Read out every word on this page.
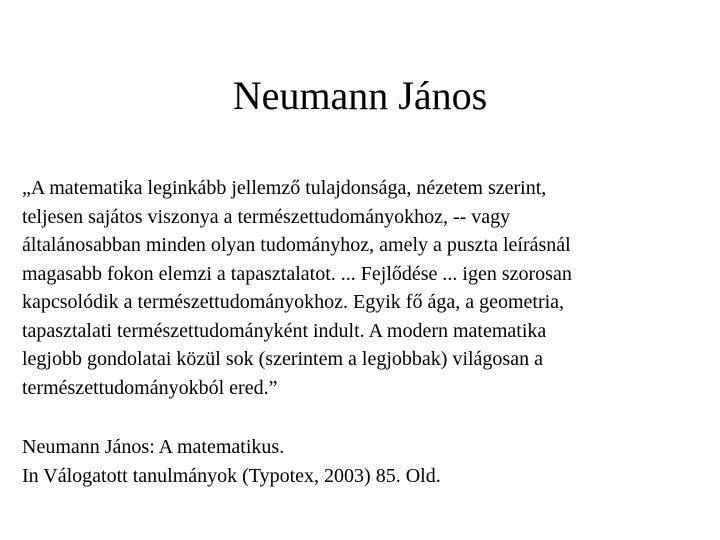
Neumann János
„A matematika leginkább jellemző tulajdonsága, nézetem szerint,
teljesen sajátos viszonya a természettudományokhoz, -- vagy
általánosabban minden olyan tudományhoz, amely a puszta leírásnál
magasabb fokon elemzi a tapasztalatot. ... Fejlődése ... igen szorosan
kapcsolódik a természettudományokhoz. Egyik fő ága, a geometria,
tapasztalati természettudományként indult. A modern matematika
legjobb gondolatai közül sok (szerintem a legjobbak) világosan a
természettudományokból ered.”
Neumann János: A matematikus.
In Válogatott tanulmányok (Typotex, 2003) 85. Old.
